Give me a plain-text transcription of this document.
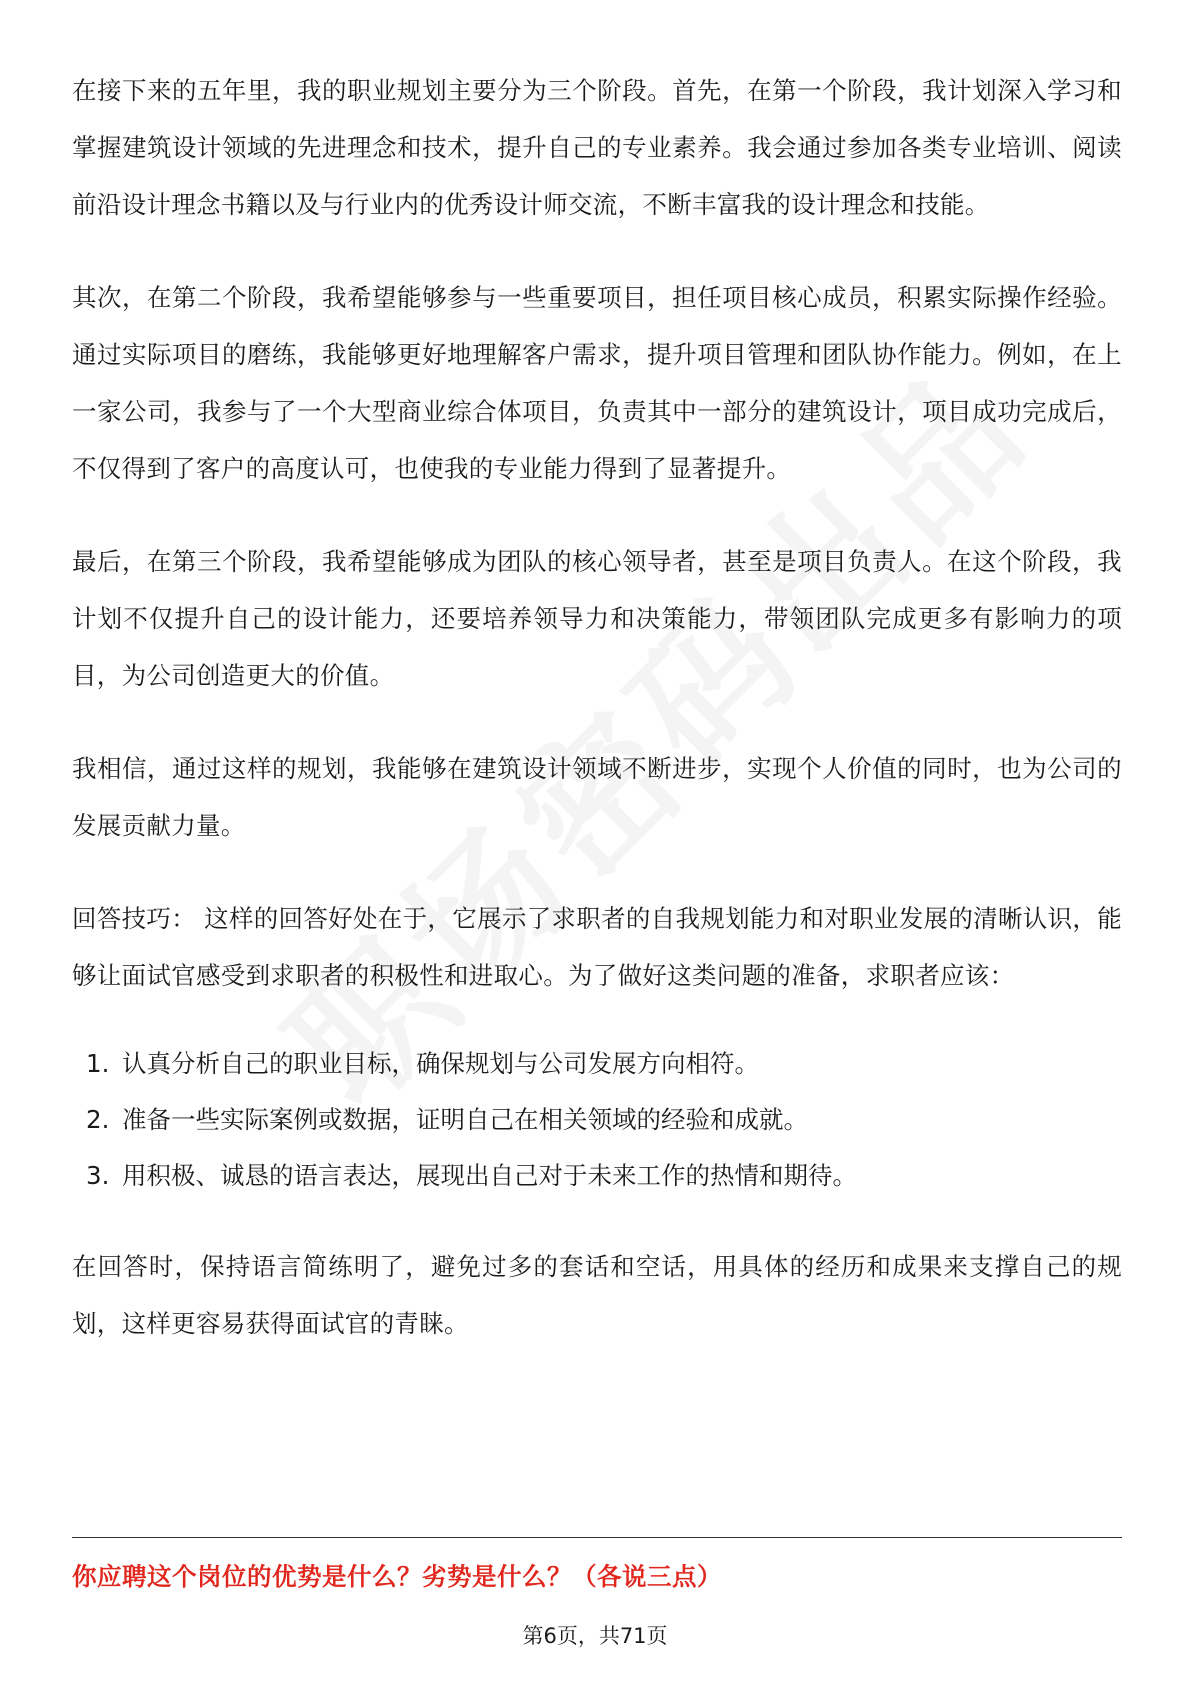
在接下来的五年里，我的职业规划主要分为三个阶段。首先，在第一个阶段，我计划深入学习和掌握建筑设计领域的先进理念和技术，提升自己的专业素养。我会通过参加各类专业培训、阅读前沿设计理念书籍以及与行业内的优秀设计师交流，不断丰富我的设计理念和技能。

其次，在第二个阶段，我希望能够参与一些重要项目，担任项目核心成员，积累实际操作经验。通过实际项目的磨练，我能够更好地理解客户需求，提升项目管理和团队协作能力。例如，在上一家公司，我参与了一个大型商业综合体项目，负责其中一部分的建筑设计，项目成功完成后，不仅得到了客户的高度认可，也使我的专业能力得到了显著提升。

最后，在第三个阶段，我希望能够成为团队的核心领导者，甚至是项目负责人。在这个阶段，我计划不仅提升自己的设计能力，还要培养领导力和决策能力，带领团队完成更多有影响力的项目，为公司创造更大的价值。

我相信，通过这样的规划，我能够在建筑设计领域不断进步，实现个人价值的同时，也为公司的发展贡献力量。

回答技巧： 这样的回答好处在于，它展示了求职者的自我规划能力和对职业发展的清晰认识，能够让面试官感受到求职者的积极性和进取心。为了做好这类问题的准备，求职者应该：

1. 认真分析自己的职业目标，确保规划与公司发展方向相符。
2. 准备一些实际案例或数据，证明自己在相关领域的经验和成就。
3. 用积极、诚恳的语言表达，展现出自己对于未来工作的热情和期待。

在回答时，保持语言简练明了，避免过多的套话和空话，用具体的经历和成果来支撑自己的规划，这样更容易获得面试官的青睐。

你应聘这个岗位的优势是什么？劣势是什么？（各说三点）
第6页，共71页
